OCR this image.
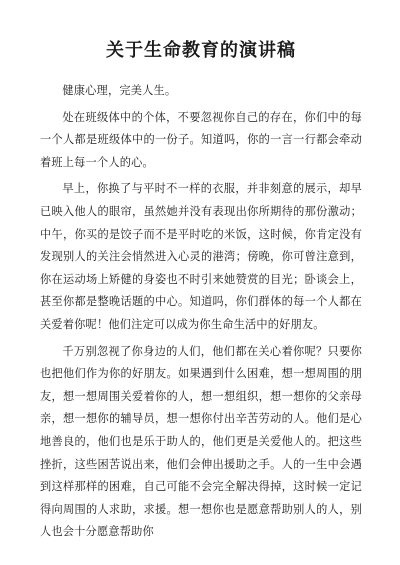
关于生命教育的演讲稿

健康心理，完美人生。

处在班级体中的个体，不要忽视你自己的存在，你们中的每一个人都是班级体中的一份子。知道吗，你的一言一行都会牵动着班上每一个人的心。

早上，你换了与平时不一样的衣服，并非刻意的展示，却早已映入他人的眼帘，虽然她并没有表现出你所期待的那份激动；中午，你买的是饺子而不是平时吃的米饭，这时候，你肯定没有发现别人的关注会悄然进入心灵的港湾；傍晚，你可曾注意到，你在运动场上矫健的身姿也不时引来她赞赏的目光；卧谈会上，甚至你都是整晚话题的中心。知道吗，你们群体的每一个人都在关爱着你呢！他们注定可以成为你生命生活中的好朋友。

千万别忽视了你身边的人们，他们都在关心着你呢？只要你也把他们作为你的好朋友。如果遇到什么困难，想一想周围的朋友，想一想周围关爱着你的人，想一想组织，想一想你的父亲母亲，想一想你的辅导员，想一想你付出辛苦劳动的人。他们是心地善良的，他们也是乐于助人的，他们更是关爱他人的。把这些挫折，这些困苦说出来，他们会伸出援助之手。人的一生中会遇到这样那样的困难，自己可能不会完全解决得掉，这时候一定记得向周围的人求助，求援。想一想你也是愿意帮助别人的人，别人也会十分愿意帮助你
